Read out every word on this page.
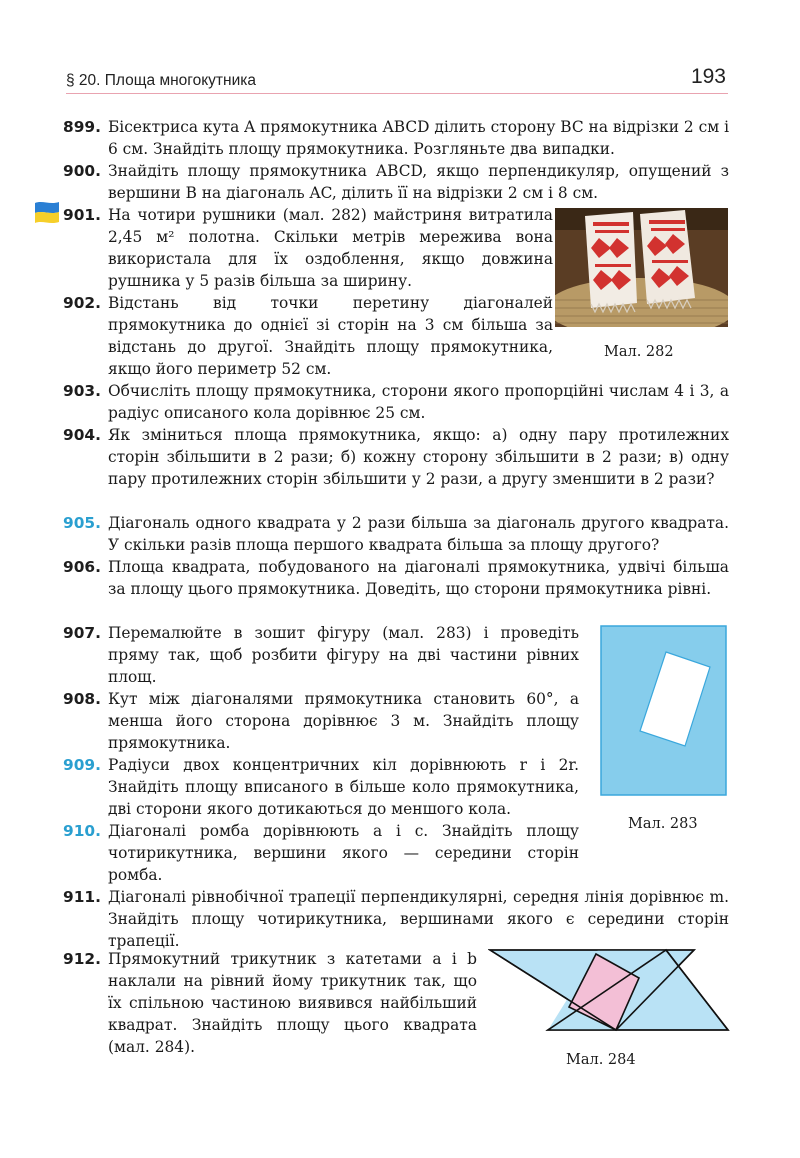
§ 20. Площа многокутника	193
899. Бісектриса кута A прямокутника ABCD ділить сторону BC на відрізки 2 см і 6 см. Знайдіть площу прямокутника. Розгляньте два випадки.
900. Знайдіть площу прямокутника ABCD, якщо перпендикуляр, опущений з вершини B на діагональ AC, ділить її на відрізки 2 см і 8 см.
901. На чотири рушники (мал. 282) майстриня витратила 2,45 м² полотна. Скільки метрів мережива вона використала для їх оздоблення, якщо довжина рушника у 5 разів більша за ширину.
902. Відстань від точки перетину діагоналей прямокутника до однієї зі сторін на 3 см більша за відстань до другої. Знайдіть площу прямокутника, якщо його периметр 52 см.
Мал. 282
903. Обчисліть площу прямокутника, сторони якого пропорційні числам 4 і 3, а радіус описаного кола дорівнює 25 см.
904. Як зміниться площа прямокутника, якщо: а) одну пару протилежних сторін збільшити в 2 рази; б) кожну сторону збільшити в 2 рази; в) одну пару протилежних сторін збільшити у 2 рази, а другу зменшити в 2 рази?
905. Діагональ одного квадрата у 2 рази більша за діагональ другого квадрата. У скільки разів площа першого квадрата більша за площу другого?
906. Площа квадрата, побудованого на діагоналі прямокутника, удвічі більша за площу цього прямокутника. Доведіть, що сторони прямокутника рівні.
907. Перемалюйте в зошит фігуру (мал. 283) і проведіть пряму так, щоб розбити фігуру на дві частини рівних площ.
908. Кут між діагоналями прямокутника становить 60°, а менша його сторона дорівнює 3 м. Знайдіть площу прямокутника.
909. Радіуси двох концентричних кіл дорівнюють r і 2r. Знайдіть площу вписаного в більше коло прямокутника, дві сторони якого дотикаються до меншого кола.
910. Діагоналі ромба дорівнюють a і c. Знайдіть площу чотирикутника, вершини якого — середини сторін ромба.
Мал. 283
911. Діагоналі рівнобічної трапеції перпендикулярні, середня лінія дорівнює m. Знайдіть площу чотирикутника, вершинами якого є середини сторін трапеції.
912. Прямокутний трикутник з катетами a і b наклали на рівний йому трикутник так, що їх спільною частиною виявився найбільший квадрат. Знайдіть площу цього квадрата (мал. 284).
Мал. 284
